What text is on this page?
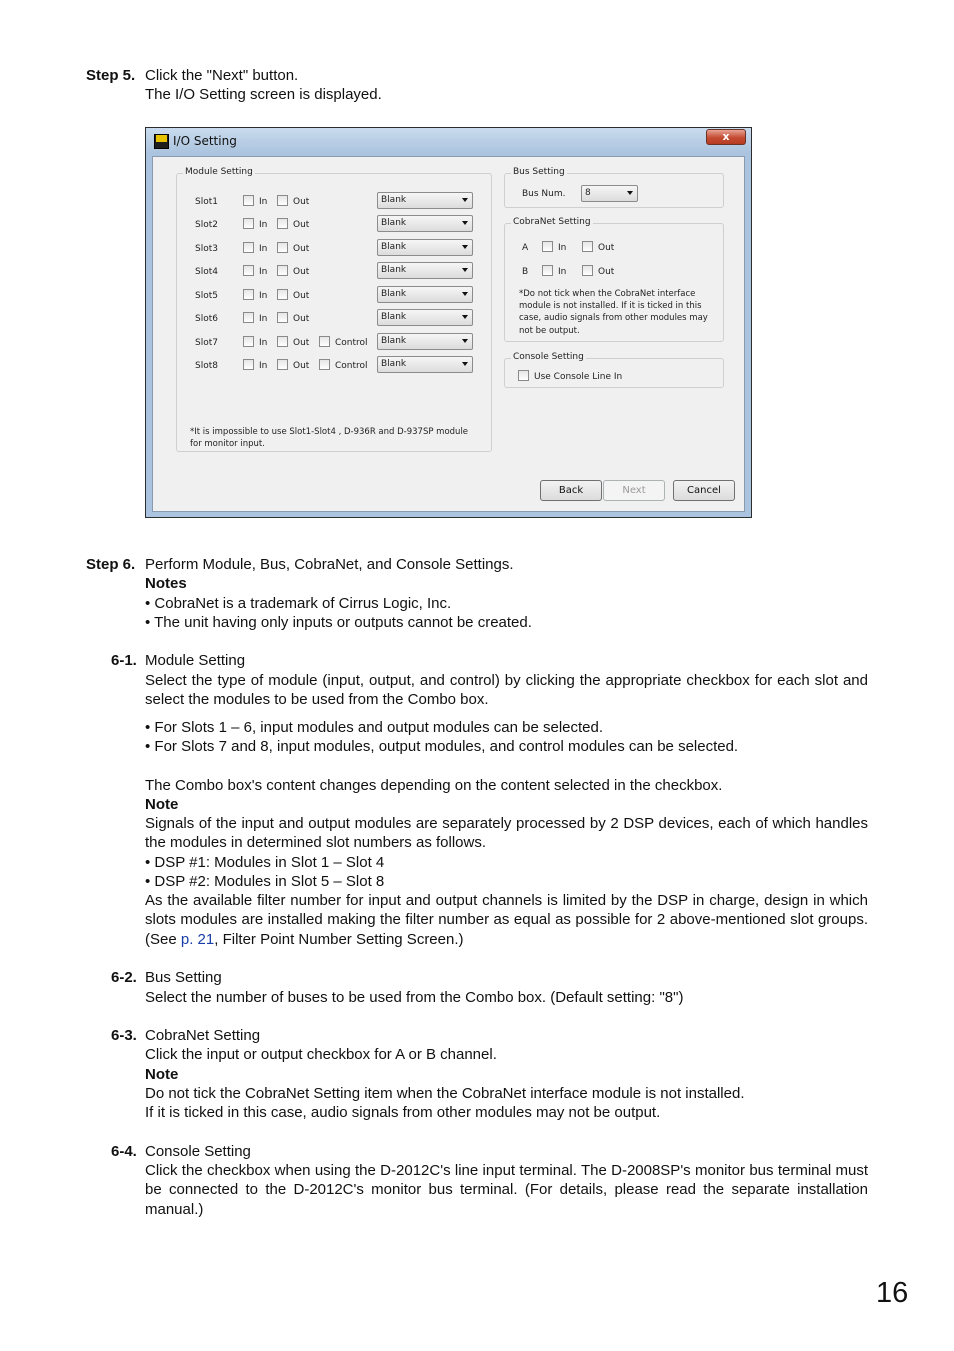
Step 5. Click the "Next" button.
The I/O Setting screen is displayed.
I/O Setting	x
Module Setting
Slot1	In	Out	Blank
Slot2	In	Out	Blank
Slot3	In	Out	Blank
Slot4	In	Out	Blank
Slot5	In	Out	Blank
Slot6	In	Out	Blank
Slot7	In	Out	Control Blank
Slot8	In	Out	Control Blank
*It is impossible to use Slot1-Slot4 , D-936R and D-937SP module
for monitor input.
Bus Setting
Bus Num. 8
CobraNet Setting
A	In	Out
B	In	Out
*Do not tick when the CobraNet interface
module is not installed. If it is ticked in this
case, audio signals from other modules may
not be output.
Console Setting
Use Console Line In
Back	Next	Cancel
Step 6. Perform Module, Bus, CobraNet, and Console Settings.
Notes
• CobraNet is a trademark of Cirrus Logic, Inc.
• The unit having only inputs or outputs cannot be created.
6-1. Module Setting
Select the type of module (input, output, and control) by clicking the appropriate checkbox for each slot and select the modules to be used from the Combo box.
• For Slots 1 – 6, input modules and output modules can be selected.
• For Slots 7 and 8, input modules, output modules, and control modules can be selected.
The Combo box's content changes depending on the content selected in the checkbox.
Note
Signals of the input and output modules are separately processed by 2 DSP devices, each of which handles the modules in determined slot numbers as follows.
• DSP #1: Modules in Slot 1 – Slot 4
• DSP #2: Modules in Slot 5 – Slot 8
As the available filter number for input and output channels is limited by the DSP in charge, design in which slots modules are installed making the filter number as equal as possible for 2 above-mentioned slot groups. (See p. 21, Filter Point Number Setting Screen.)
6-2. Bus Setting
Select the number of buses to be used from the Combo box. (Default setting: "8")
6-3. CobraNet Setting
Click the input or output checkbox for A or B channel.
Note
Do not tick the CobraNet Setting item when the CobraNet interface module is not installed.
If it is ticked in this case, audio signals from other modules may not be output.
6-4. Console Setting
Click the checkbox when using the D-2012C's line input terminal. The D-2008SP's monitor bus terminal must be connected to the D-2012C's monitor bus terminal. (For details, please read the separate installation manual.)
16
